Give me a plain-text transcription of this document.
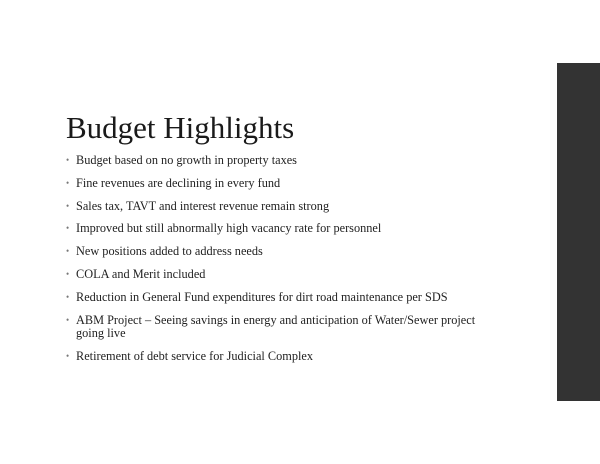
Budget Highlights
• Budget based on no growth in property taxes
• Fine revenues are declining in every fund
• Sales tax, TAVT and interest revenue remain strong
• Improved but still abnormally high vacancy rate for personnel
• New positions added to address needs
• COLA and Merit included
• Reduction in General Fund expenditures for dirt road maintenance per SDS
• ABM Project – Seeing savings in energy and anticipation of Water/Sewer project going live
• Retirement of debt service for Judicial Complex
